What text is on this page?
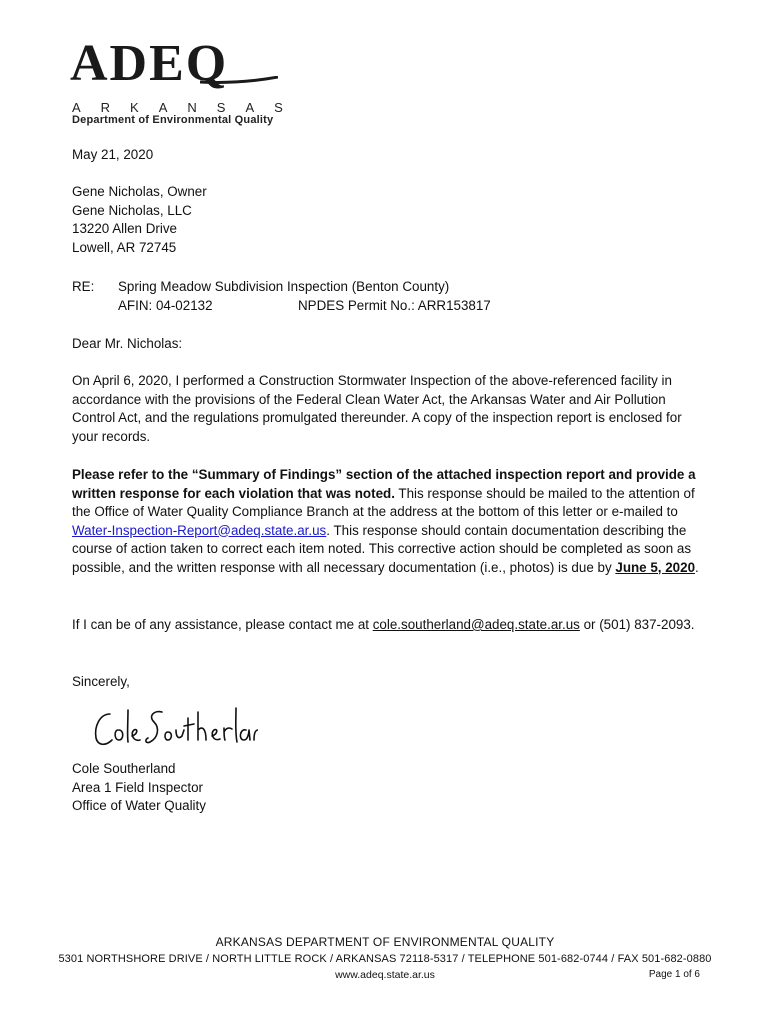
ADEQ
ARKANSAS
Department of Environmental Quality
May 21, 2020
Gene Nicholas, Owner
Gene Nicholas, LLC
13220 Allen Drive
Lowell, AR 72745
RE: Spring Meadow Subdivision Inspection (Benton County)
AFIN: 04-02132	NPDES Permit No.: ARR153817
Dear Mr. Nicholas:
On April 6, 2020, I performed a Construction Stormwater Inspection of the above-referenced facility in accordance with the provisions of the Federal Clean Water Act, the Arkansas Water and Air Pollution Control Act, and the regulations promulgated thereunder. A copy of the inspection report is enclosed for your records.
Please refer to the “Summary of Findings” section of the attached inspection report and provide a written response for each violation that was noted. This response should be mailed to the attention of the Office of Water Quality Compliance Branch at the address at the bottom of this letter or e-mailed to Water-Inspection-Report@adeq.state.ar.us. This response should contain documentation describing the course of action taken to correct each item noted. This corrective action should be completed as soon as possible, and the written response with all necessary documentation (i.e., photos) is due by June 5, 2020.
If I can be of any assistance, please contact me at cole.southerland@adeq.state.ar.us or (501) 837-2093.
Sincerely,
Cole Southerland
Area 1 Field Inspector
Office of Water Quality
ARKANSAS DEPARTMENT OF ENVIRONMENTAL QUALITY
5301 NORTHSHORE DRIVE / NORTH LITTLE ROCK / ARKANSAS 72118-5317 / TELEPHONE 501-682-0744 / FAX 501-682-0880
www.adeq.state.ar.us	Page 1 of 6
